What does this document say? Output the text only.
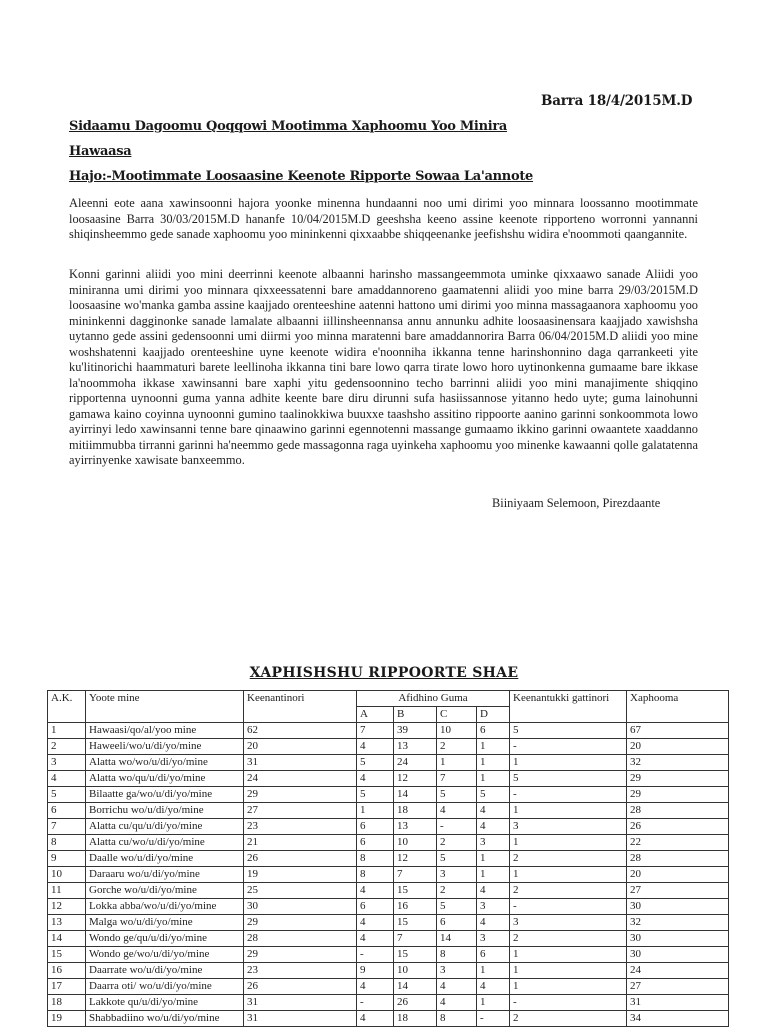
Barra 18/4/2015M.D
Sidaamu Dagoomu Qoqqowi Mootimma Xaphoomu Yoo Minira
Hawaasa
Hajo:-Mootimmate Loosaasine Keenote Ripporte Sowaa La'annote

Aleenni eote aana xawinsoonni hajora yoonke minenna hundaanni noo umi dirimi yoo minnara loossanno mootimmate loosaasine Barra 30/03/2015M.D hananfe 10/04/2015M.D geeshsha keeno assine keenote ripporteno worronni yannanni shiqinsheemmo gede sanade xaphoomu yoo mininkenni qixxaabbe shiqqeenanke jeefishshu widira e'noommoti qaangannite.

Konni garinni aliidi yoo mini deerrinni keenote albaanni harinsho massangeemmota uminke qixxaawo sanade Aliidi yoo miniranna umi dirimi yoo minnara qixxeessatenni bare amaddannoreno gaamatenni aliidi yoo mine barra 29/03/2015M.D loosaasine wo'manka gamba assine kaajjado orenteeshine aatenni hattono umi dirimi yoo minna massagaanora xaphoomu yoo mininkenni dagginonke sanade lamalate albaanni iillinsheennansa annu annunku adhite loosaasinensara kaajjado xawishsha uytanno gede assini gedensoonni umi diirmi yoo minna maratenni bare amaddannorira Barra 06/04/2015M.D aliidi yoo mine woshshatenni kaajjado orenteeshine uyne keenote widira e'noonniha ikkanna tenne harinshonnino daga qarrankeeti yite ku'litinorichi haammaturi barete leellinoha ikkanna tini bare lowo qarra tirate lowo horo uytinonkenna gumaame bare ikkase la'noommoha ikkase xawinsanni bare xaphi yitu gedensoonnino techo barrinni aliidi yoo mini manajimente shiqqino ripportenna uynoonni guma yanna adhite keente bare diru dirunni sufa hasiissannose yitanno hedo uyte; guma lainohunni gamawa kaino coyinna uynoonni gumino taalinokkiwa buuxxe taashsho assitino rippoorte aanino garinni sonkoommota lowo ayirrinyi ledo xawinsanni tenne bare qinaawino garinni egennotenni massange gumaamo ikkino garinni owaantete xaaddanno mitiimmubba tirranni garinni ha'neemmo gede massagonna raga uyinkeha xaphoomu yoo minenke kawaanni qolle galatatenna ayirrinyenke xawisate banxeemmo.

Biiniyaam Selemoon, Pirezdaante
XAPHISHSHU RIPPOORTE SHAE
A.K.	Yoote mine	Keenantinori	Afidhino Guma				Keenantukki gattinori	Xaphooma
			A	B	C	D		
1	Hawaasi/qo/al/yoo mine	62	7	39	10	6	5	67
2	Haweeli/wo/u/di/yo/mine	20	4	13	2	1	-	20
3	Alatta wo/wo/u/di/yo/mine	31	5	24	1	1	1	32
4	Alatta wo/qu/u/di/yo/mine	24	4	12	7	1	5	29
5	Bilaatte ga/wo/u/di/yo/mine	29	5	14	5	5	-	29
6	Borrichu wo/u/di/yo/mine	27	1	18	4	4	1	28
7	Alatta cu/qu/u/di/yo/mine	23	6	13	-	4	3	26
8	Alatta cu/wo/u/di/yo/mine	21	6	10	2	3	1	22
9	Daalle wo/u/di/yo/mine	26	8	12	5	1	2	28
10	Daraaru wo/u/di/yo/mine	19	8	7	3	1	1	20
11	Gorche wo/u/di/yo/mine	25	4	15	2	4	2	27
12	Lokka abba/wo/u/di/yo/mine	30	6	16	5	3	-	30
13	Malga wo/u/di/yo/mine	29	4	15	6	4	3	32
14	Wondo ge/qu/u/di/yo/mine	28	4	7	14	3	2	30
15	Wondo ge/wo/u/di/yo/mine	29	-	15	8	6	1	30
16	Daarrate wo/u/di/yo/mine	23	9	10	3	1	1	24
17	Daarra oti/ wo/u/di/yo/mine	26	4	14	4	4	1	27
18	Lakkote qu/u/di/yo/mine	31	-	26	4	1	-	31
19	Shabbadiino wo/u/di/yo/mine	31	4	18	8	-	2	34
